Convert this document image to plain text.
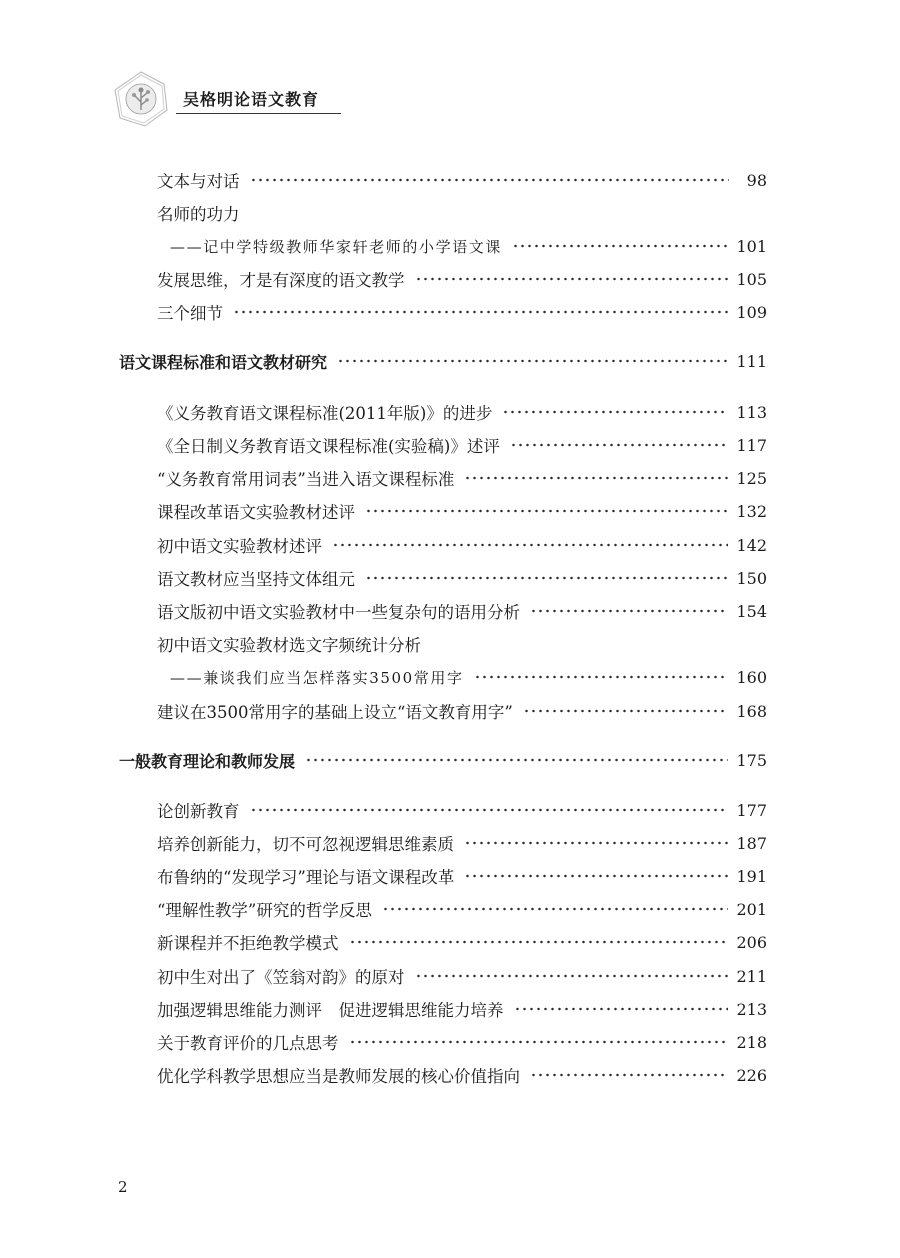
吴格明论语文教育
文本与对话	98
名师的功力
——记中学特级教师华家轩老师的小学语文课	101
发展思维，才是有深度的语文教学	105
三个细节	109
语文课程标准和语文教材研究	111
《义务教育语文课程标准(2011年版)》的进步	113
《全日制义务教育语文课程标准(实验稿)》述评	117
“义务教育常用词表”当进入语文课程标准	125
课程改革语文实验教材述评	132
初中语文实验教材述评	142
语文教材应当坚持文体组元	150
语文版初中语文实验教材中一些复杂句的语用分析	154
初中语文实验教材选文字频统计分析
——兼谈我们应当怎样落实3500常用字	160
建议在3500常用字的基础上设立“语文教育用字”	168
一般教育理论和教师发展	175
论创新教育	177
培养创新能力，切不可忽视逻辑思维素质	187
布鲁纳的“发现学习”理论与语文课程改革	191
“理解性教学”研究的哲学反思	201
新课程并不拒绝教学模式	206
初中生对出了《笠翁对韵》的原对	211
加强逻辑思维能力测评　促进逻辑思维能力培养	213
关于教育评价的几点思考	218
优化学科教学思想应当是教师发展的核心价值指向	226
2
